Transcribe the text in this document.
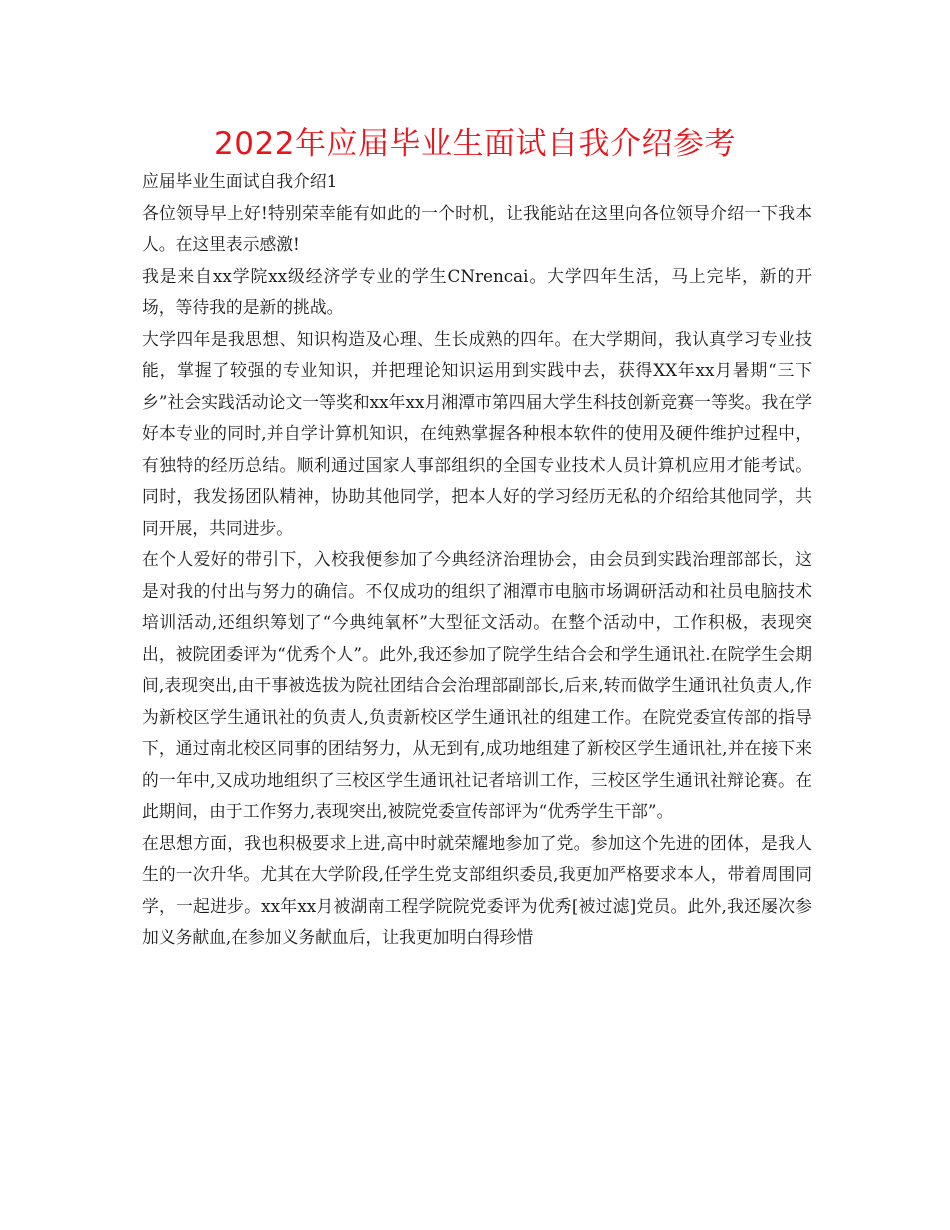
2022年应届毕业生面试自我介绍参考

应届毕业生面试自我介绍1

各位领导早上好!特别荣幸能有如此的一个时机，让我能站在这里向各位领导介绍一下我本人。在这里表示感激!

我是来自xx学院xx级经济学专业的学生CNrencai。大学四年生活，马上完毕，新的开场，等待我的是新的挑战。

大学四年是我思想、知识构造及心理、生长成熟的四年。在大学期间，我认真学习专业技能，掌握了较强的专业知识，并把理论知识运用到实践中去，获得XX年xx月暑期“三下乡”社会实践活动论文一等奖和xx年xx月湘潭市第四届大学生科技创新竞赛一等奖。我在学好本专业的同时,并自学计算机知识，在纯熟掌握各种根本软件的使用及硬件维护过程中，有独特的经历总结。顺利通过国家人事部组织的全国专业技术人员计算机应用才能考试。同时，我发扬团队精神，协助其他同学，把本人好的学习经历无私的介绍给其他同学，共同开展，共同进步。

在个人爱好的带引下，入校我便参加了今典经济治理协会，由会员到实践治理部部长，这是对我的付出与努力的确信。不仅成功的组织了湘潭市电脑市场调研活动和社员电脑技术培训活动,还组织筹划了“今典纯氧杯”大型征文活动。在整个活动中，工作积极，表现突出，被院团委评为“优秀个人”。此外,我还参加了院学生结合会和学生通讯社.在院学生会期间,表现突出,由干事被选拔为院社团结合会治理部副部长,后来,转而做学生通讯社负责人,作为新校区学生通讯社的负责人,负责新校区学生通讯社的组建工作。在院党委宣传部的指导下，通过南北校区同事的团结努力，从无到有,成功地组建了新校区学生通讯社,并在接下来的一年中,又成功地组织了三校区学生通讯社记者培训工作，三校区学生通讯社辩论赛。在此期间，由于工作努力,表现突出,被院党委宣传部评为“优秀学生干部”。

在思想方面，我也积极要求上进,高中时就荣耀地参加了党。参加这个先进的团体，是我人生的一次升华。尤其在大学阶段,任学生党支部组织委员,我更加严格要求本人，带着周围同学，一起进步。xx年xx月被湖南工程学院院党委评为优秀[被过滤]党员。此外,我还屡次参加义务献血,在参加义务献血后，让我更加明白得珍惜
